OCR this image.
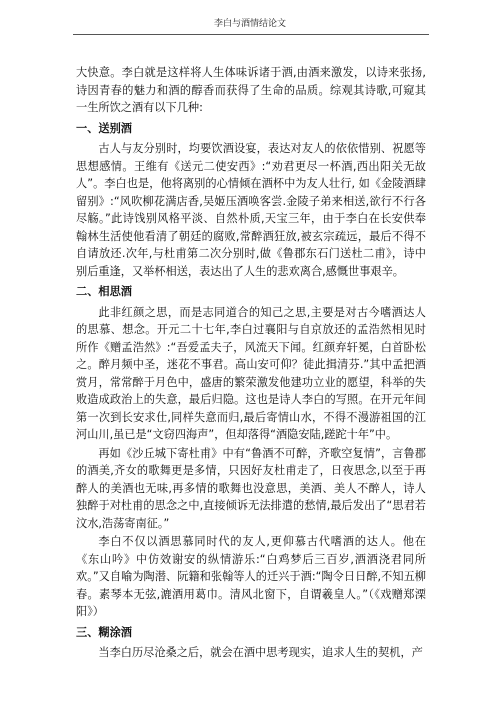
李白与酒情结论文

大快意。李白就是这样将人生体味诉诸于酒,由酒来激发，以诗来张扬,诗因青春的魅力和酒的醇香而获得了生命的品质。综观其诗歌,可窥其一生所饮之酒有以下几种:

一、送别酒

古人与友分别时，均要饮酒设宴，表达对友人的依依惜别、祝愿等思想感情。王维有《送元二使安西》:“劝君更尽一杯酒,西出阳关无故人”。李白也是，他将离别的心情倾在酒杯中为友人壮行, 如《金陵酒肆留别》:“风吹柳花满店香,吴姬压酒唤客尝.金陵子弟来相送,欲行不行各尽觞。”此诗饯别风格平淡、自然朴质,天宝三年，由于李白在长安供奉翰林生活使他看清了朝廷的腐败,常醉酒狂放,被玄宗疏远，最后不得不自请放还.次年,与杜甫第二次分别时,做《鲁郡东石门送杜二甫》，诗中别后重逢，又举杯相送，表达出了人生的悲欢离合,感慨世事艰辛。

二、相思酒

此非红颜之思，而是志同道合的知己之思,主要是对古今嗜酒达人的思慕、想念。开元二十七年,李白过襄阳与自京放还的孟浩然相见时所作《赠孟浩然》:“吾爱孟夫子，风流天下闻。红颜弃轩冕，白首卧松之。醉月频中圣，迷花不事君。高山安可仰？徒此揖清芬.”其中孟把酒赏月，常常醉于月色中，盛唐的繁荣激发他建功立业的愿望，科举的失败造成政治上的失意，最后归隐。这也是诗人李白的写照。在开元年间第一次到长安求仕,同样失意而归,最后寄情山水，不得不漫游祖国的江河山川,虽已是“文窃四海声”，但却落得“酒隐安陆,蹉跎十年”中。

再如《沙丘城下寄杜甫》中有“鲁酒不可醉，齐歌空复情”，言鲁郡的酒美,齐女的歌舞更是多情，只因好友杜甫走了，日夜思念,以至于再醉人的美酒也无味,再多情的歌舞也没意思，美酒、美人不醉人，诗人独醉于对杜甫的思念之中,直接倾诉无法排遣的愁情,最后发出了“思君若汶水,浩荡寄南征。”

李白不仅以酒思慕同时代的友人,更仰慕古代嗜酒的达人。他在《东山吟》中仿效谢安的纵情游乐:“白鸡梦后三百岁,酒酒浇君同所欢。”又自喻为陶潜、阮籍和张翰等人的迁兴于酒:“陶令日日醉,不知五柳春。素琴本无弦,漉酒用葛巾。清风北窗下，自谓羲皇人。”（《戏赠郑溧阳》）

三、糊涂酒

当李白历尽沧桑之后，就会在酒中思考现实，追求人生的契机，产
